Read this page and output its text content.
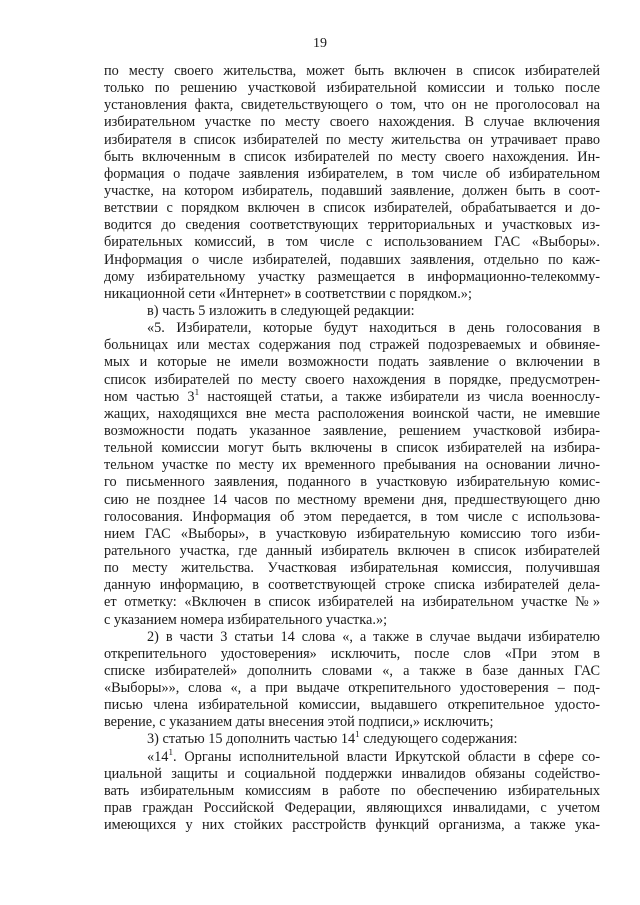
19
по месту своего жительства, может быть включен в список избирателей
только по решению участковой избирательной комиссии и только после
установления факта, свидетельствующего о том, что он не проголосовал на
избирательном участке по месту своего нахождения. В случае включения
избирателя в список избирателей по месту жительства он утрачивает право
быть включенным в список избирателей по месту своего нахождения. Ин-
формация о подаче заявления избирателем, в том числе об избирательном
участке, на котором избиратель, подавший заявление, должен быть в соот-
ветствии с порядком включен в список избирателей, обрабатывается и до-
водится до сведения соответствующих территориальных и участковых из-
бирательных комиссий, в том числе с использованием ГАС «Выборы».
Информация о числе избирателей, подавших заявления, отдельно по каж-
дому избирательному участку размещается в информационно-телекомму-
никационной сети «Интернет» в соответствии с порядком.»;
в) часть 5 изложить в следующей редакции:
«5. Избиратели, которые будут находиться в день голосования в
больницах или местах содержания под стражей подозреваемых и обвиняе-
мых и которые не имели возможности подать заявление о включении в
список избирателей по месту своего нахождения в порядке, предусмотрен-
ном частью $3^1$ настоящей статьи, а также избиратели из числа военнослу-
жащих, находящихся вне места расположения воинской части, не имевшие
возможности подать указанное заявление, решением участковой избира-
тельной комиссии могут быть включены в список избирателей на избира-
тельном участке по месту их временного пребывания на основании лично-
го письменного заявления, поданного в участковую избирательную комис-
сию не позднее 14 часов по местному времени дня, предшествующего дню
голосования. Информация об этом передается, в том числе с использова-
нием ГАС «Выборы», в участковую избирательную комиссию того изби-
рательного участка, где данный избиратель включен в список избирателей
по месту жительства. Участковая избирательная комиссия, получившая
данную информацию, в соответствующей строке списка избирателей дела-
ет отметку: «Включен в список избирателей на избирательном участке №»
с указанием номера избирательного участка.»;
2) в части 3 статьи 14 слова «, а также в случае выдачи избирателю
открепительного удостоверения» исключить, после слов «При этом в
списке избирателей» дополнить словами «, а также в базе данных ГАС
«Выборы»», слова «, а при выдаче открепительного удостоверения – под-
писью члена избирательной комиссии, выдавшего открепительное удосто-
верение, с указанием даты внесения этой подписи,» исключить;
3) статью 15 дополнить частью $14^1$ следующего содержания:
«$14^1$. Органы исполнительной власти Иркутской области в сфере со-
циальной защиты и социальной поддержки инвалидов обязаны содейство-
вать избирательным комиссиям в работе по обеспечению избирательных
прав граждан Российской Федерации, являющихся инвалидами, с учетом
имеющихся у них стойких расстройств функций организма, а также ука-
